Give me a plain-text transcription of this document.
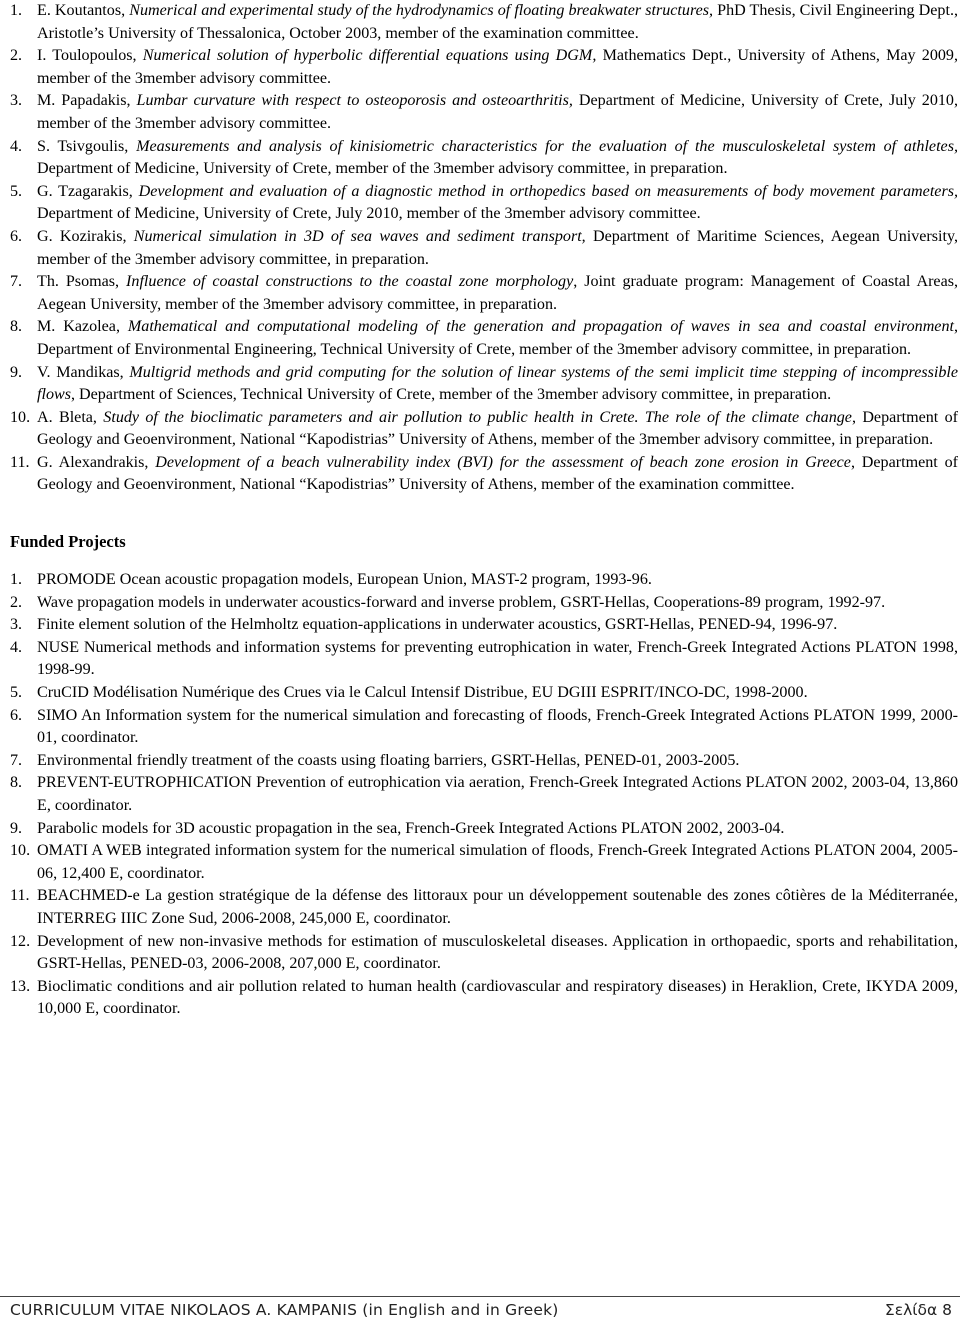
1. E. Koutantos, Numerical and experimental study of the hydrodynamics of floating breakwater structures, PhD Thesis, Civil Engineering Dept., Aristotle’s University of Thessalonica, October 2003, member of the examination committee.
2. I. Toulopoulos, Numerical solution of hyperbolic differential equations using DGM, Mathematics Dept., University of Athens, May 2009, member of the 3member advisory committee.
3. M. Papadakis, Lumbar curvature with respect to osteoporosis and osteoarthritis, Department of Medicine, University of Crete, July 2010, member of the 3member advisory committee.
4. S. Tsivgoulis, Measurements and analysis of kinisiometric characteristics for the evaluation of the musculoskeletal system of athletes, Department of Medicine, University of Crete, member of the 3member advisory committee, in preparation.
5. G. Tzagarakis, Development and evaluation of a diagnostic method in orthopedics based on measurements of body movement parameters, Department of Medicine, University of Crete, July 2010, member of the 3member advisory committee.
6. G. Kozirakis, Numerical simulation in 3D of sea waves and sediment transport, Department of Maritime Sciences, Aegean University, member of the 3member advisory committee, in preparation.
7. Th. Psomas, Influence of coastal constructions to the coastal zone morphology, Joint graduate program: Management of Coastal Areas, Aegean University, member of the 3member advisory committee, in preparation.
8. M. Kazolea, Mathematical and computational modeling of the generation and propagation of waves in sea and coastal environment, Department of Environmental Engineering, Technical University of Crete, member of the 3member advisory committee, in preparation.
9. V. Mandikas, Multigrid methods and grid computing for the solution of linear systems of the semi implicit time stepping of incompressible flows, Department of Sciences, Technical University of Crete, member of the 3member advisory committee, in preparation.
10. A. Bleta, Study of the bioclimatic parameters and air pollution to public health in Crete. The role of the climate change, Department of Geology and Geoenvironment, National “Kapodistrias” University of Athens, member of the 3member advisory committee, in preparation.
11. G. Alexandrakis, Development of a beach vulnerability index (BVI) for the assessment of beach zone erosion in Greece, Department of Geology and Geoenvironment, National “Kapodistrias” University of Athens, member of the examination committee.
Funded Projects
1. PROMODE Ocean acoustic propagation models, European Union, MAST-2 program, 1993-96.
2. Wave propagation models in underwater acoustics-forward and inverse problem, GSRT-Hellas, Cooperations-89 program, 1992-97.
3. Finite element solution of the Helmholtz equation-applications in underwater acoustics, GSRT-Hellas, PENED-94, 1996-97.
4. NUSE Numerical methods and information systems for preventing eutrophication in water, French-Greek Integrated Actions PLATON 1998, 1998-99.
5. CruCID Modélisation Numérique des Crues via le Calcul Intensif Distribue, EU DGIII ESPRIT/INCO-DC, 1998-2000.
6. SIMO An Information system for the numerical simulation and forecasting of floods, French-Greek Integrated Actions PLATON 1999, 2000-01, coordinator.
7. Environmental friendly treatment of the coasts using floating barriers, GSRT-Hellas, PENED-01, 2003-2005.
8. PREVENT-EUTROPHICATION Prevention of eutrophication via aeration, French-Greek Integrated Actions PLATON 2002, 2003-04, 13,860 E, coordinator.
9. Parabolic models for 3D acoustic propagation in the sea, French-Greek Integrated Actions PLATON 2002, 2003-04.
10. OMATI A WEB integrated information system for the numerical simulation of floods, French-Greek Integrated Actions PLATON 2004, 2005-06, 12,400 E, coordinator.
11. BEACHMED-e La gestion stratégique de la défense des littoraux pour un développement soutenable des zones côtières de la Méditerranée, INTERREG IIIC Zone Sud, 2006-2008, 245,000 E, coordinator.
12. Development of new non-invasive methods for estimation of musculoskeletal diseases. Application in orthopaedic, sports and rehabilitation, GSRT-Hellas, PENED-03, 2006-2008, 207,000 E, coordinator.
13. Bioclimatic conditions and air pollution related to human health (cardiovascular and respiratory diseases) in Heraklion, Crete, IKYDA 2009, 10,000 E, coordinator.
CURRICULUM VITAE NIKOLAOS A. KAMPANIS (in English and in Greek)	Σελίδα 8
